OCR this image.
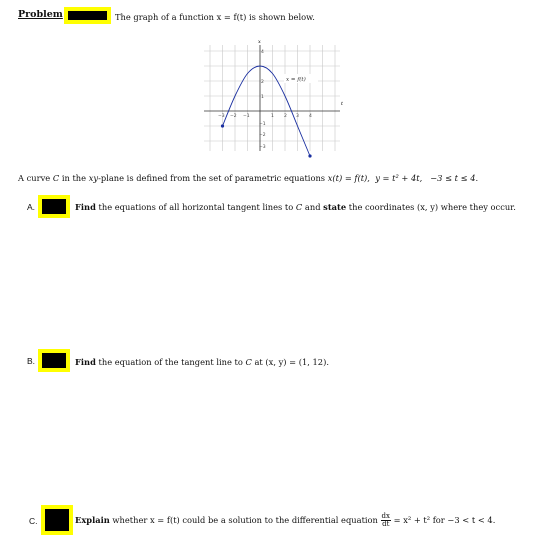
Problem	The graph of a function x = f(t) is shown below.
x
t
4
2
1
−1
−2
−3
−3 −2 −1	1 2 3 4
x = f(t)
A curve C in the xy-plane is defined from the set of parametric equations x(t) = f(t), y = t² + 4t, −3 ≤ t ≤ 4.
A.	Find the equations of all horizontal tangent lines to C and state the coordinates (x, y) where they occur.
B.	Find the equation of the tangent line to C at (x, y) = (1, 12).
C.	Explain whether x = f(t) could be a solution to the differential equation $\frac{dx}{dt} = x^2 + t^2$ for −3 < t < 4.
